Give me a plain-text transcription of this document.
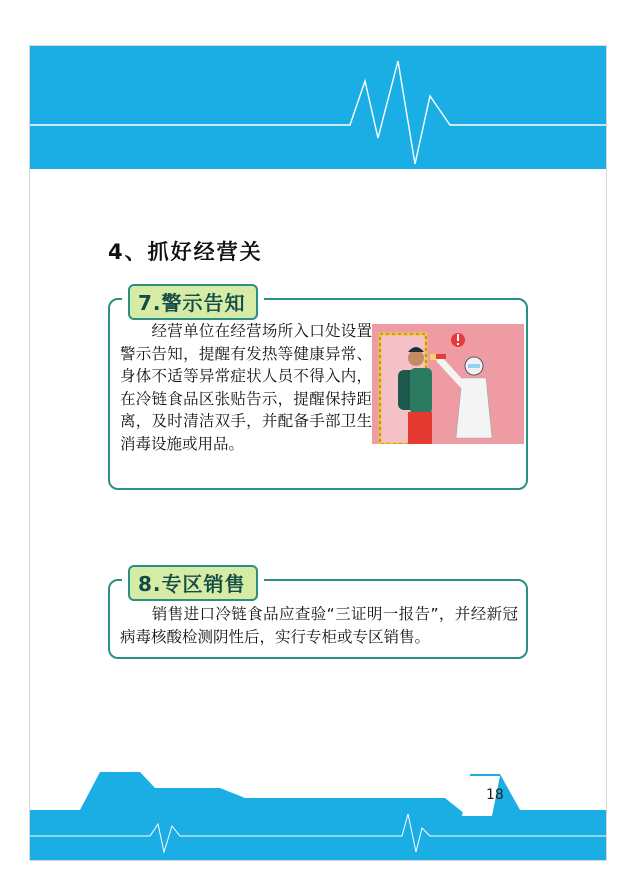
4、抓好经营关
7.警示告知
　　经营单位在经营场所入口处设置警示告知，提醒有发热等健康异常、身体不适等异常症状人员不得入内，在冷链食品区张贴告示，提醒保持距离，及时清洁双手，并配备手部卫生消毒设施或用品。
8.专区销售
　　销售进口冷链食品应查验“三证明一报告”，并经新冠病毒核酸检测阴性后，实行专柜或专区销售。
18
